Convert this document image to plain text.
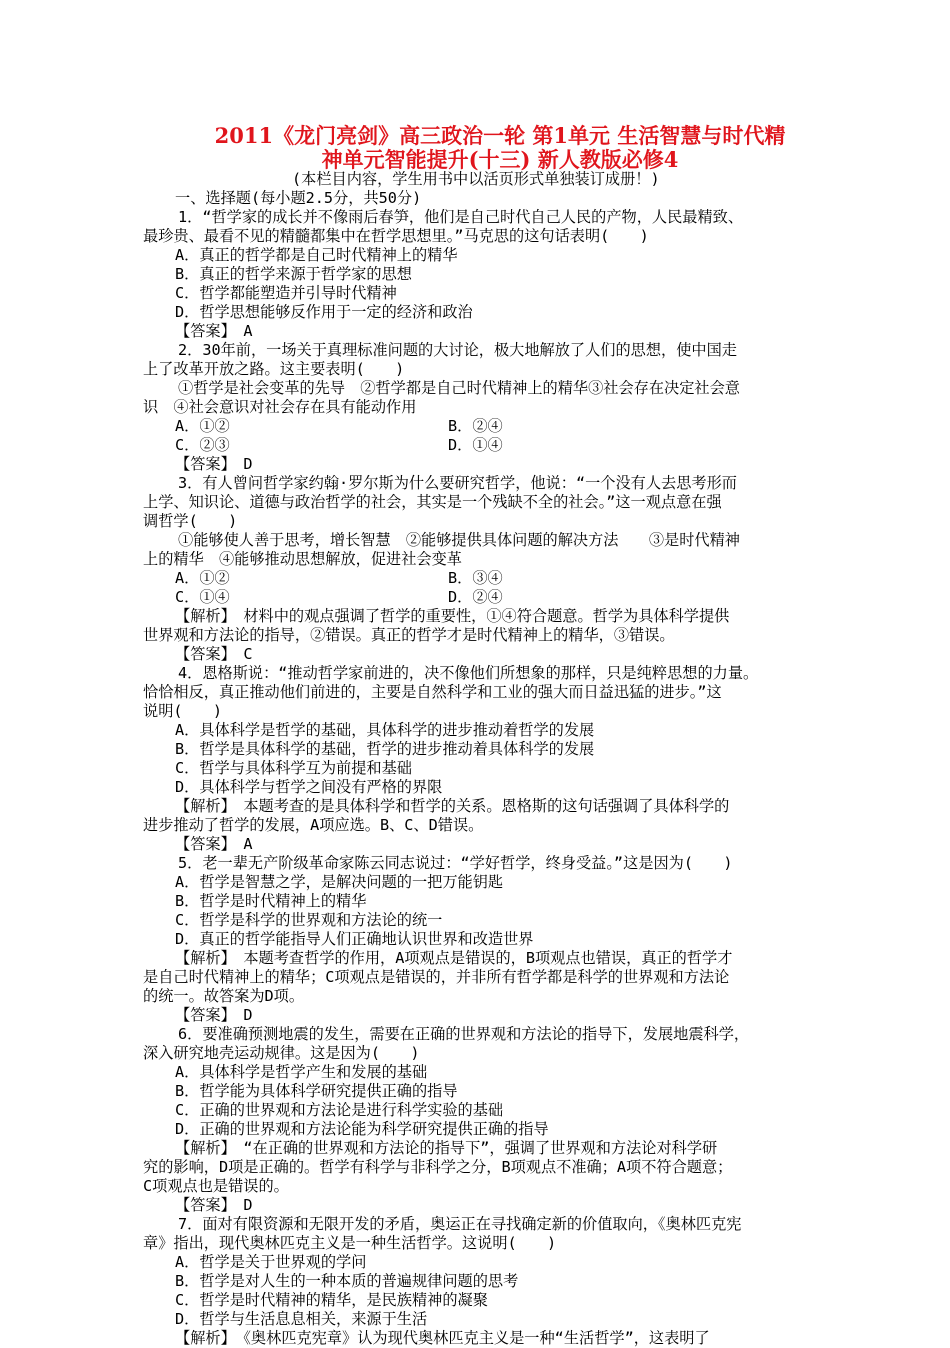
2011《龙门亮剑》高三政治一轮 第1单元 生活智慧与时代精
神单元智能提升(十三) 新人教版必修4
(本栏目内容，学生用书中以活页形式单独装订成册！)
一、选择题(每小题2.5分，共50分)
1．“哲学家的成长并不像雨后春笋，他们是自己时代自己人民的产物，人民最精致、
最珍贵、最看不见的精髓都集中在哲学思想里。”马克思的这句话表明(　　)
A．真正的哲学都是自己时代精神上的精华
B．真正的哲学来源于哲学家的思想
C．哲学都能塑造并引导时代精神
D．哲学思想能够反作用于一定的经济和政治
【答案】　A
2．30年前，一场关于真理标准问题的大讨论，极大地解放了人们的思想，使中国走
上了改革开放之路。这主要表明(　　)
①哲学是社会变革的先导　②哲学都是自己时代精神上的精华③社会存在决定社会意
识　④社会意识对社会存在具有能动作用
A．①②	B．②④
C．②③	D．①④
【答案】　D
3．有人曾问哲学家约翰·罗尔斯为什么要研究哲学，他说：“一个没有人去思考形而
上学、知识论、道德与政治哲学的社会，其实是一个残缺不全的社会。”这一观点意在强
调哲学(　　)
①能够使人善于思考，增长智慧　②能够提供具体问题的解决方法　　③是时代精神
上的精华　④能够推动思想解放，促进社会变革
A．①②	B．③④
C．①④	D．②④
【解析】　材料中的观点强调了哲学的重要性，①④符合题意。哲学为具体科学提供
世界观和方法论的指导，②错误。真正的哲学才是时代精神上的精华，③错误。
【答案】　C
4．恩格斯说：“推动哲学家前进的，决不像他们所想象的那样，只是纯粹思想的力量。
恰恰相反，真正推动他们前进的，主要是自然科学和工业的强大而日益迅猛的进步。”这
说明(　　)
A．具体科学是哲学的基础，具体科学的进步推动着哲学的发展
B．哲学是具体科学的基础，哲学的进步推动着具体科学的发展
C．哲学与具体科学互为前提和基础
D．具体科学与哲学之间没有严格的界限
【解析】　本题考查的是具体科学和哲学的关系。恩格斯的这句话强调了具体科学的
进步推动了哲学的发展，A项应选。B、C、D错误。
【答案】　A
5．老一辈无产阶级革命家陈云同志说过：“学好哲学，终身受益。”这是因为(　　)
A．哲学是智慧之学，是解决问题的一把万能钥匙
B．哲学是时代精神上的精华
C．哲学是科学的世界观和方法论的统一
D．真正的哲学能指导人们正确地认识世界和改造世界
【解析】　本题考查哲学的作用，A项观点是错误的，B项观点也错误，真正的哲学才
是自己时代精神上的精华；C项观点是错误的，并非所有哲学都是科学的世界观和方法论
的统一。故答案为D项。
【答案】　D
6．要准确预测地震的发生，需要在正确的世界观和方法论的指导下，发展地震科学，
深入研究地壳运动规律。这是因为(　　)
A．具体科学是哲学产生和发展的基础
B．哲学能为具体科学研究提供正确的指导
C．正确的世界观和方法论是进行科学实验的基础
D．正确的世界观和方法论能为科学研究提供正确的指导
【解析】　“在正确的世界观和方法论的指导下”，强调了世界观和方法论对科学研
究的影响，D项是正确的。哲学有科学与非科学之分，B项观点不准确；A项不符合题意；
C项观点也是错误的。
【答案】　D
7．面对有限资源和无限开发的矛盾，奥运正在寻找确定新的价值取向，《奥林匹克宪
章》指出，现代奥林匹克主义是一种生活哲学。这说明(　　)
A．哲学是关于世界观的学问
B．哲学是对人生的一种本质的普遍规律问题的思考
C．哲学是时代精神的精华，是民族精神的凝聚
D．哲学与生活息息相关，来源于生活
【解析】　《奥林匹克宪章》认为现代奥林匹克主义是一种“生活哲学”，这表明了
